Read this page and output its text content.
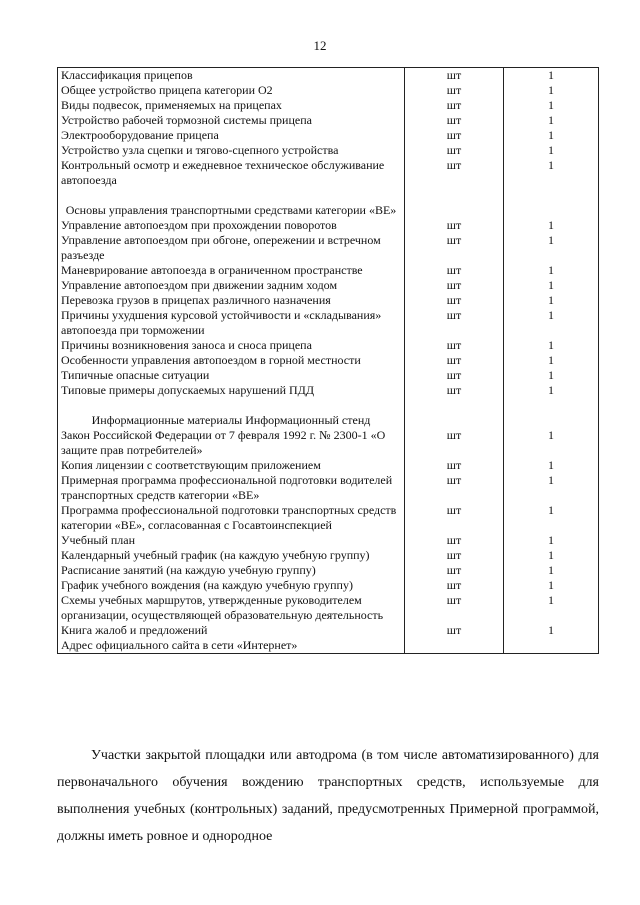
12
Классификация прицепов	шт	1
Общее устройство прицепа категории О2	шт	1
Виды подвесок, применяемых на прицепах	шт	1
Устройство рабочей тормозной системы прицепа	шт	1
Электрооборудование прицепа	шт	1
Устройство узла сцепки и тягово-сцепного устройства	шт	1
Контрольный осмотр и ежедневное техническое обслуживание автопоезда	шт	1
Основы управления транспортными средствами категории «ВЕ»		
Управление автопоездом при прохождении поворотов	шт	1
Управление автопоездом при обгоне, опережении и встречном разъезде	шт	1
Маневрирование автопоезда в ограниченном пространстве	шт	1
Управление автопоездом при движении задним ходом	шт	1
Перевозка грузов в прицепах различного назначения	шт	1
Причины ухудшения курсовой устойчивости и «складывания» автопоезда при торможении	шт	1
Причины возникновения заноса и сноса прицепа	шт	1
Особенности управления автопоездом в горной местности	шт	1
Типичные опасные ситуации	шт	1
Типовые примеры допускаемых нарушений ПДД	шт	1
Информационные материалы Информационный стенд		
Закон Российской Федерации от 7 февраля 1992 г. № 2300-1 «О защите прав потребителей»	шт	1
Копия лицензии с соответствующим приложением	шт	1
Примерная программа профессиональной подготовки водителей транспортных средств категории «ВЕ»	шт	1
Программа профессиональной подготовки транспортных средств категории «ВЕ», согласованная с Госавтоинспекцией	шт	1
Учебный план	шт	1
Календарный учебный график (на каждую учебную группу)	шт	1
Расписание занятий (на каждую учебную группу)	шт	1
График учебного вождения (на каждую учебную группу)	шт	1
Схемы учебных маршрутов, утвержденные руководителем организации, осуществляющей образовательную деятельность	шт	1
Книга жалоб и предложений	шт	1
Адрес официального сайта в сети «Интернет»		

Участки закрытой площадки или автодрома (в том числе автоматизированного) для первоначального обучения вождению транспортных средств, используемые для выполнения учебных (контрольных) заданий, предусмотренных Примерной программой, должны иметь ровное и однородное
